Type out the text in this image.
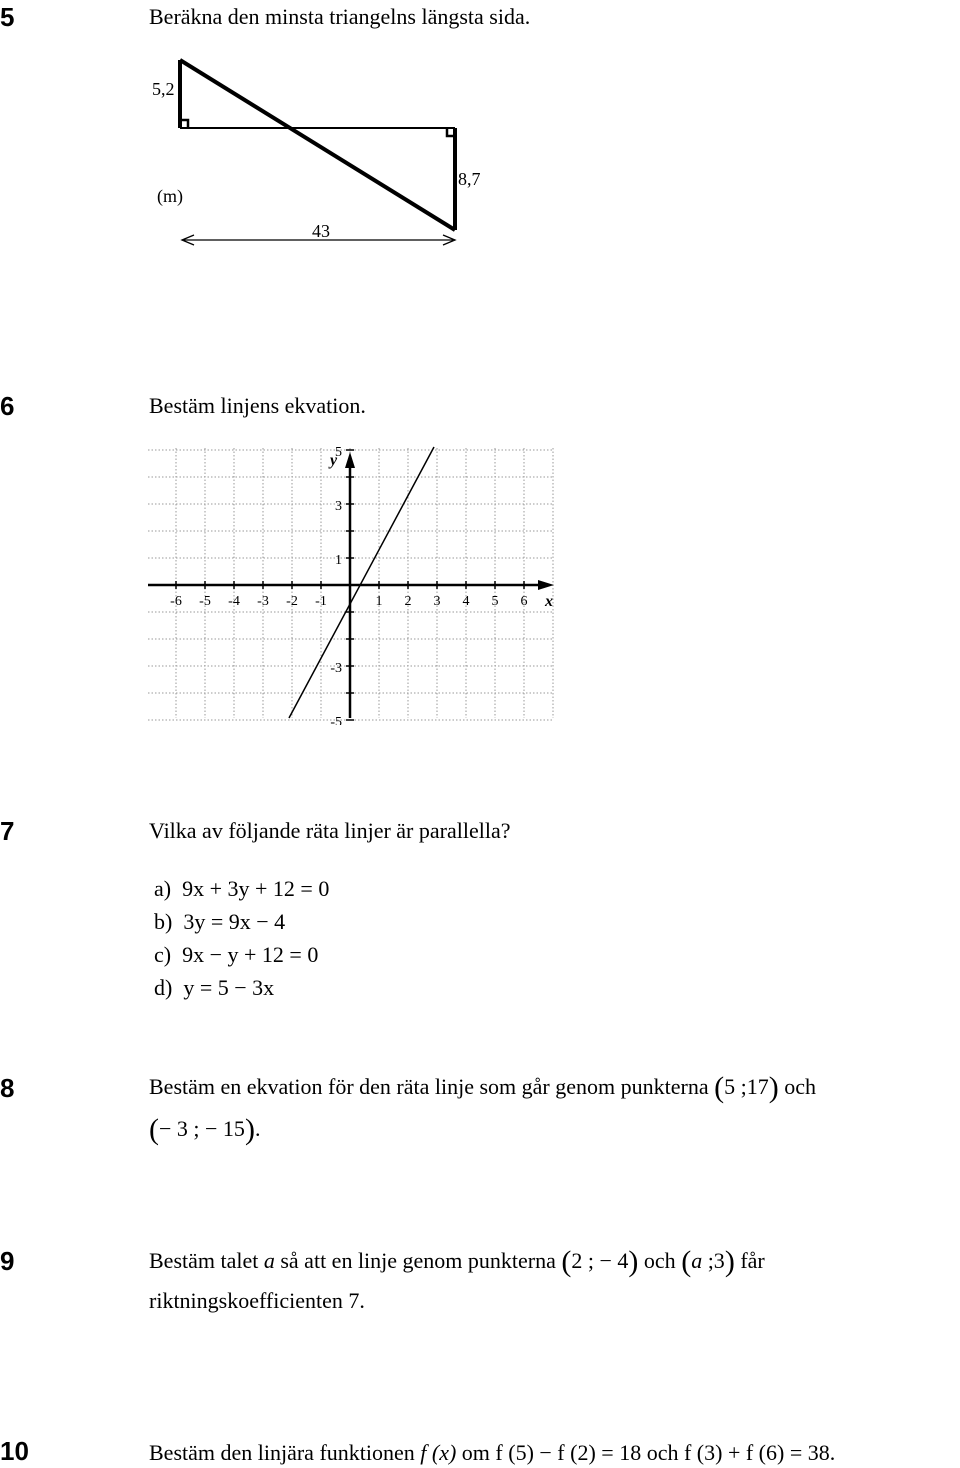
5	Beräkna den minsta triangelns längsta sida.
5,2
(m)
8,7
43
6	Bestäm linjens ekvation.
y
x
5
3
1
-3
-5
-6 -5 -4 -3 -2 -1	1 2 3 4 5 6
7	Vilka av följande räta linjer är parallella?
a) 9x + 3y + 12 = 0
b) 3y = 9x − 4
c) 9x − y + 12 = 0
d) y = 5 − 3x
8	Bestäm en ekvation för den räta linje som går genom punkterna (5 ;17) och
(− 3 ; − 15).
9	Bestäm talet a så att en linje genom punkterna (2 ; − 4) och (a ;3) får
riktningskoefficienten 7.
10	Bestäm den linjära funktionen f (x) om f (5) − f (2) = 18 och f (3) + f (6) = 38.
